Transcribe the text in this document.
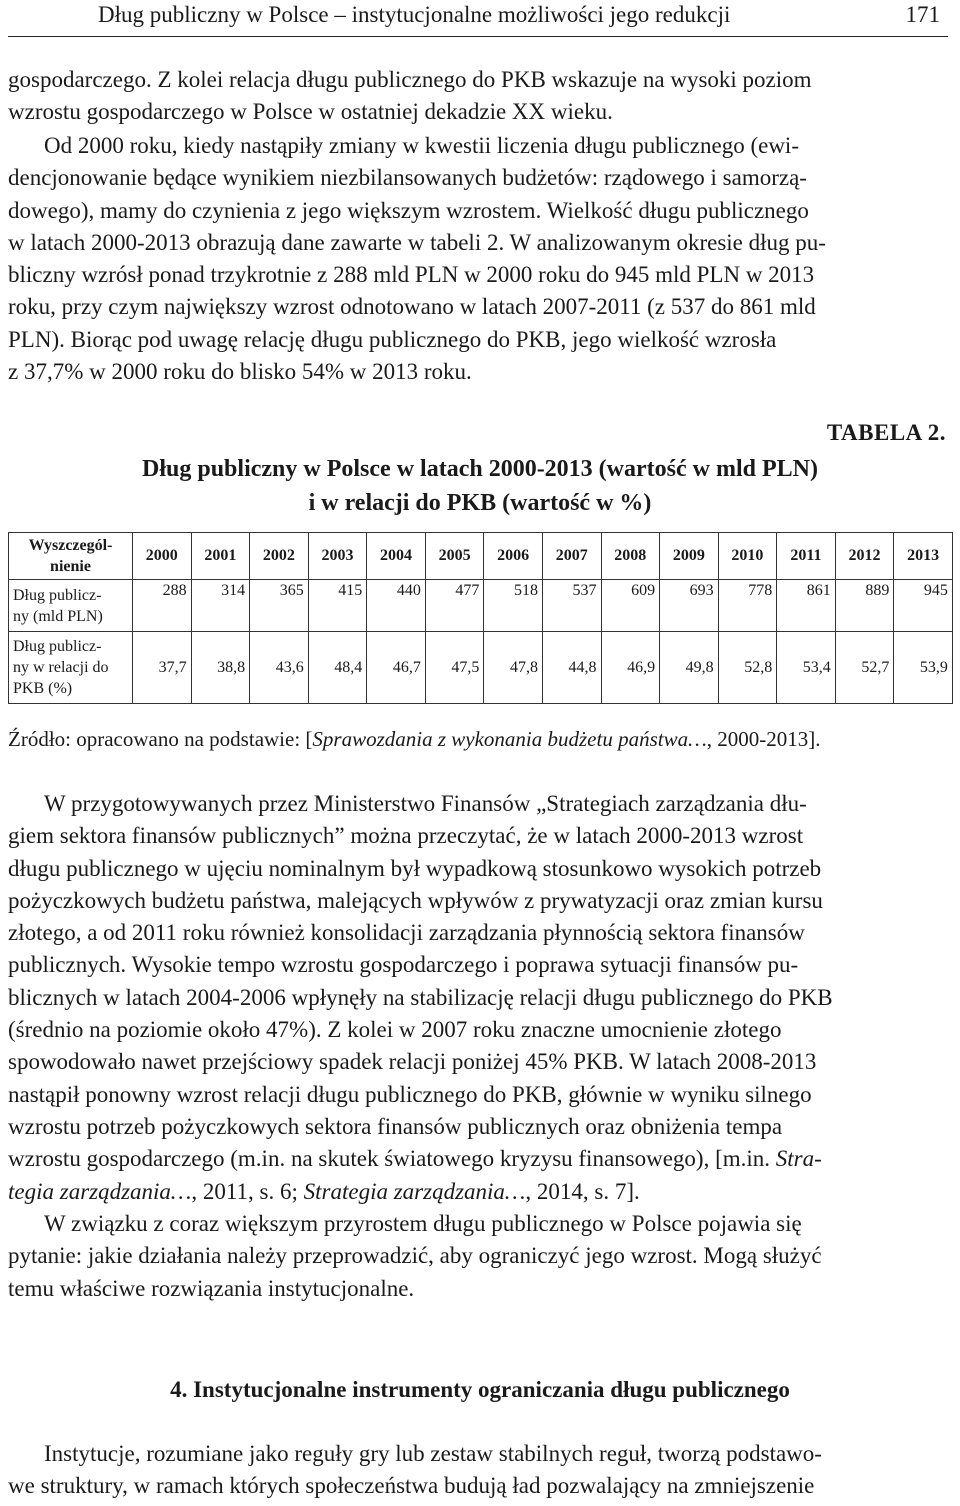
Dług publiczny w Polsce – instytucjonalne możliwości jego redukcji	171

gospodarczego. Z kolei relacja długu publicznego do PKB wskazuje na wysoki poziom
wzrostu gospodarczego w Polsce w ostatniej dekadzie XX wieku.

Od 2000 roku, kiedy nastąpiły zmiany w kwestii liczenia długu publicznego (ewi-
dencjonowanie będące wynikiem niezbilansowanych budżetów: rządowego i samorzą-
dowego), mamy do czynienia z jego większym wzrostem. Wielkość długu publicznego
w latach 2000-2013 obrazują dane zawarte w tabeli 2. W analizowanym okresie dług pu-
bliczny wzrósł ponad trzykrotnie z 288 mld PLN w 2000 roku do 945 mld PLN w 2013
roku, przy czym największy wzrost odnotowano w latach 2007-2011 (z 537 do 861 mld
PLN). Biorąc pod uwagę relację długu publicznego do PKB, jego wielkość wzrosła
z 37,7% w 2000 roku do blisko 54% w 2013 roku.

TABELA 2.
Dług publiczny w Polsce w latach 2000-2013 (wartość w mld PLN)
i w relacji do PKB (wartość w %)
Wyszczegól-
nienie	2000	2001	2002	2003	2004	2005	2006	2007	2008	2009	2010	2011	2012	2013
Dług publicz-
ny (mld PLN)	288	314	365	415	440	477	518	537	609	693	778	861	889	945
Dług publicz-
ny w relacji do
PKB (%)	37,7	38,8	43,6	48,4	46,7	47,5	47,8	44,8	46,9	49,8	52,8	53,4	52,7	53,9
Źródło: opracowano na podstawie: [Sprawozdania z wykonania budżetu państwa…, 2000-2013].

W przygotowywanych przez Ministerstwo Finansów „Strategiach zarządzania dłu-
giem sektora finansów publicznych” można przeczytać, że w latach 2000-2013 wzrost
długu publicznego w ujęciu nominalnym był wypadkową stosunkowo wysokich potrzeb
pożyczkowych budżetu państwa, malejących wpływów z prywatyzacji oraz zmian kursu
złotego, a od 2011 roku również konsolidacji zarządzania płynnością sektora finansów
publicznych. Wysokie tempo wzrostu gospodarczego i poprawa sytuacji finansów pu-
blicznych w latach 2004-2006 wpłynęły na stabilizację relacji długu publicznego do PKB
(średnio na poziomie około 47%). Z kolei w 2007 roku znaczne umocnienie złotego
spowodowało nawet przejściowy spadek relacji poniżej 45% PKB. W latach 2008-2013
nastąpił ponowny wzrost relacji długu publicznego do PKB, głównie w wyniku silnego
wzrostu potrzeb pożyczkowych sektora finansów publicznych oraz obniżenia tempa
wzrostu gospodarczego (m.in. na skutek światowego kryzysu finansowego), [m.in. Stra-
tegia zarządzania…, 2011, s. 6; Strategia zarządzania…, 2014, s. 7].

W związku z coraz większym przyrostem długu publicznego w Polsce pojawia się
pytanie: jakie działania należy przeprowadzić, aby ograniczyć jego wzrost. Mogą służyć
temu właściwe rozwiązania instytucjonalne.

4. Instytucjonalne instrumenty ograniczania długu publicznego

Instytucje, rozumiane jako reguły gry lub zestaw stabilnych reguł, tworzą podstawo-
we struktury, w ramach których społeczeństwa budują ład pozwalający na zmniejszenie
